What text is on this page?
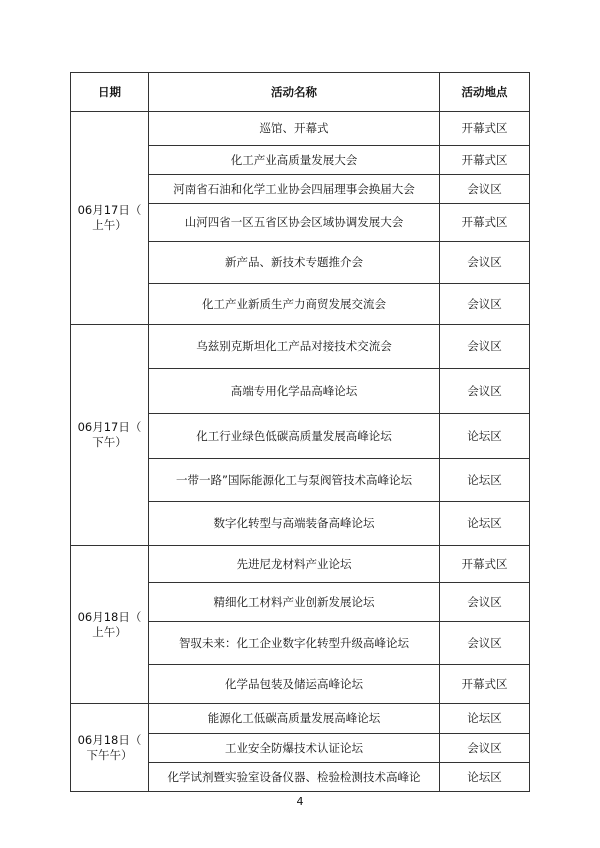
日期	活动名称	活动地点

06月17日（
上午）	巡馆、开幕式	开幕式区
	化工产业高质量发展大会	开幕式区
	河南省石油和化学工业协会四届理事会换届大会	会议区
	山河四省一区五省区协会区域协调发展大会	开幕式区
	新产品、新技术专题推介会	会议区
	化工产业新质生产力商贸发展交流会	会议区

06月17日（
下午）	乌兹别克斯坦化工产品对接技术交流会	会议区
	高端专用化学品高峰论坛	会议区
	化工行业绿色低碳高质量发展高峰论坛	论坛区
	一带一路”国际能源化工与泵阀管技术高峰论坛	论坛区
	数字化转型与高端装备高峰论坛	论坛区

06月18日（
上午）	先进尼龙材料产业论坛	开幕式区
	精细化工材料产业创新发展论坛	会议区
	智驭未来：化工企业数字化转型升级高峰论坛	会议区
	化学品包装及储运高峰论坛	开幕式区

06月18日（
下午午）	能源化工低碳高质量发展高峰论坛	论坛区
	工业安全防爆技术认证论坛	会议区
	化学试剂暨实验室设备仪器、检验检测技术高峰论	论坛区
4
